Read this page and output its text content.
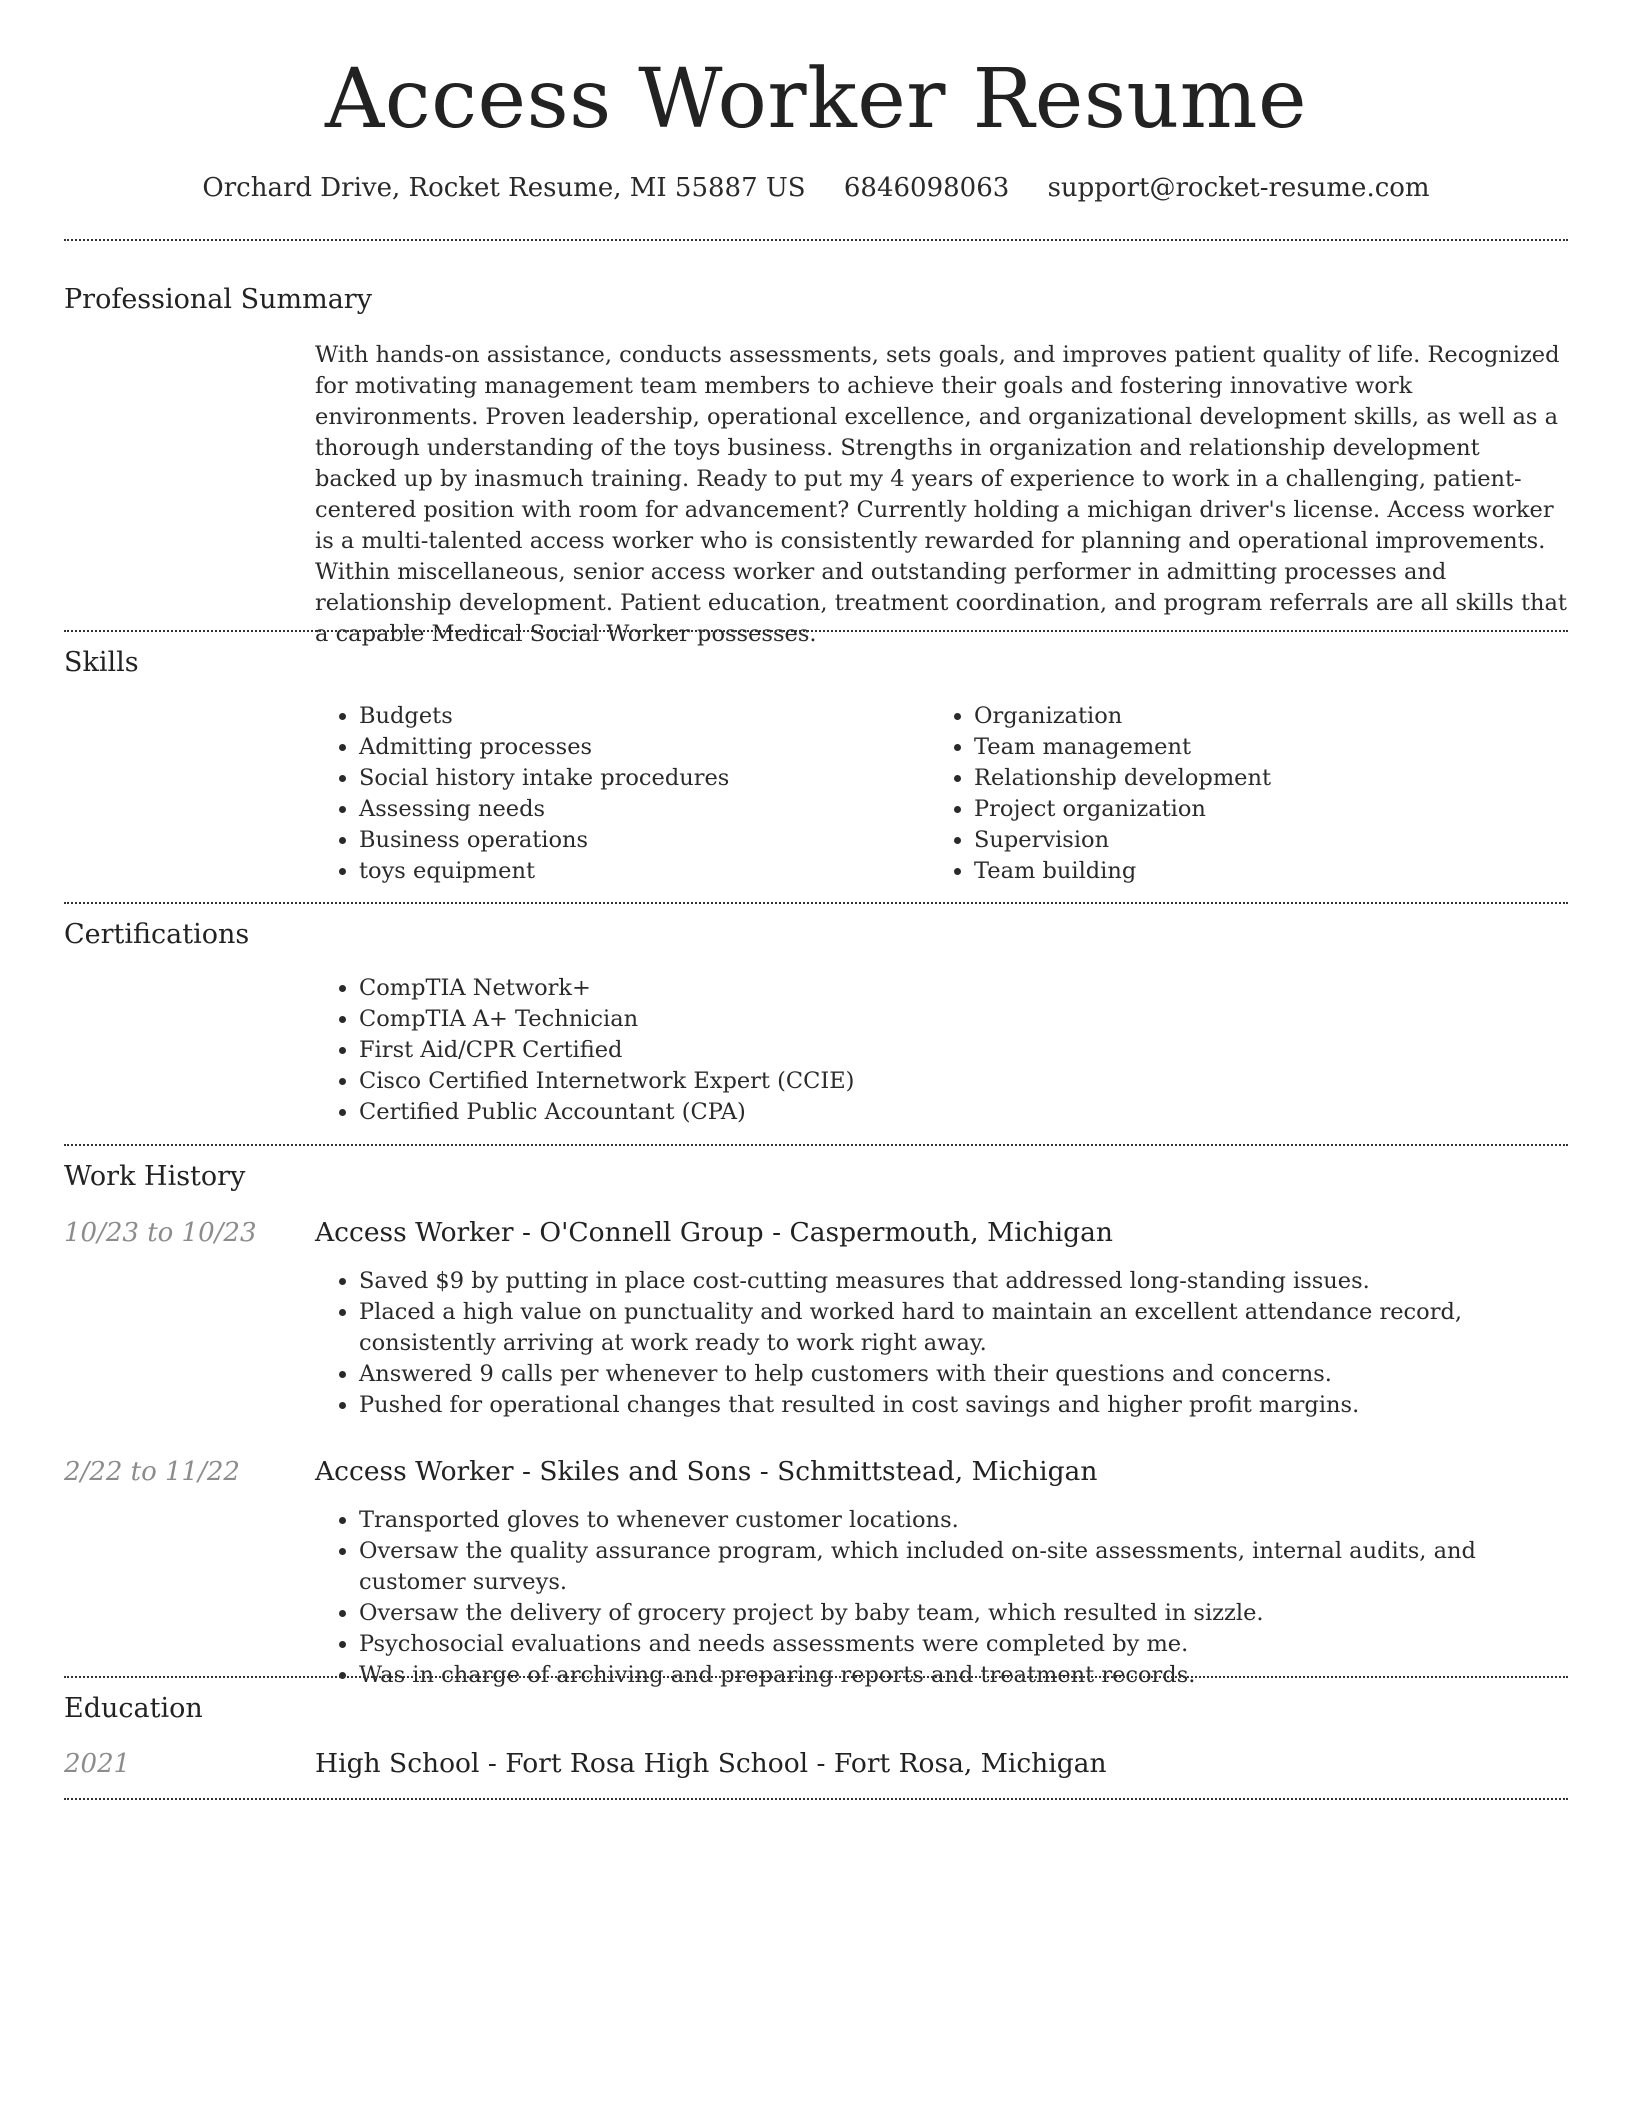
Access Worker Resume
Orchard Drive, Rocket Resume, MI 55887 US 6846098063 support@rocket-resume.com
Professional Summary
With hands-on assistance, conducts assessments, sets goals, and improves patient quality of life. Recognized for motivating management team members to achieve their goals and fostering innovative work environments. Proven leadership, operational excellence, and organizational development skills, as well as a thorough understanding of the toys business. Strengths in organization and relationship development backed up by inasmuch training. Ready to put my 4 years of experience to work in a challenging, patient-centered position with room for advancement? Currently holding a michigan driver's license. Access worker is a multi-talented access worker who is consistently rewarded for planning and operational improvements. Within miscellaneous, senior access worker and outstanding performer in admitting processes and relationship development. Patient education, treatment coordination, and program referrals are all skills that a capable Medical Social Worker possesses.
Skills
• Budgets
• Admitting processes
• Social history intake procedures
• Assessing needs
• Business operations
• toys equipment
• Organization
• Team management
• Relationship development
• Project organization
• Supervision
• Team building
Certifications
• CompTIA Network+
• CompTIA A+ Technician
• First Aid/CPR Certified
• Cisco Certified Internetwork Expert (CCIE)
• Certified Public Accountant (CPA)
Work History
10/23 to 10/23 Access Worker - O'Connell Group - Caspermouth, Michigan
• Saved $9 by putting in place cost-cutting measures that addressed long-standing issues.
• Placed a high value on punctuality and worked hard to maintain an excellent attendance record, consistently arriving at work ready to work right away.
• Answered 9 calls per whenever to help customers with their questions and concerns.
• Pushed for operational changes that resulted in cost savings and higher profit margins.
2/22 to 11/22	Access Worker - Skiles and Sons - Schmittstead, Michigan
• Transported gloves to whenever customer locations.
• Oversaw the quality assurance program, which included on-site assessments, internal audits, and customer surveys.
• Oversaw the delivery of grocery project by baby team, which resulted in sizzle.
• Psychosocial evaluations and needs assessments were completed by me.
• Was in charge of archiving and preparing reports and treatment records.
Education
2021	High School - Fort Rosa High School - Fort Rosa, Michigan
